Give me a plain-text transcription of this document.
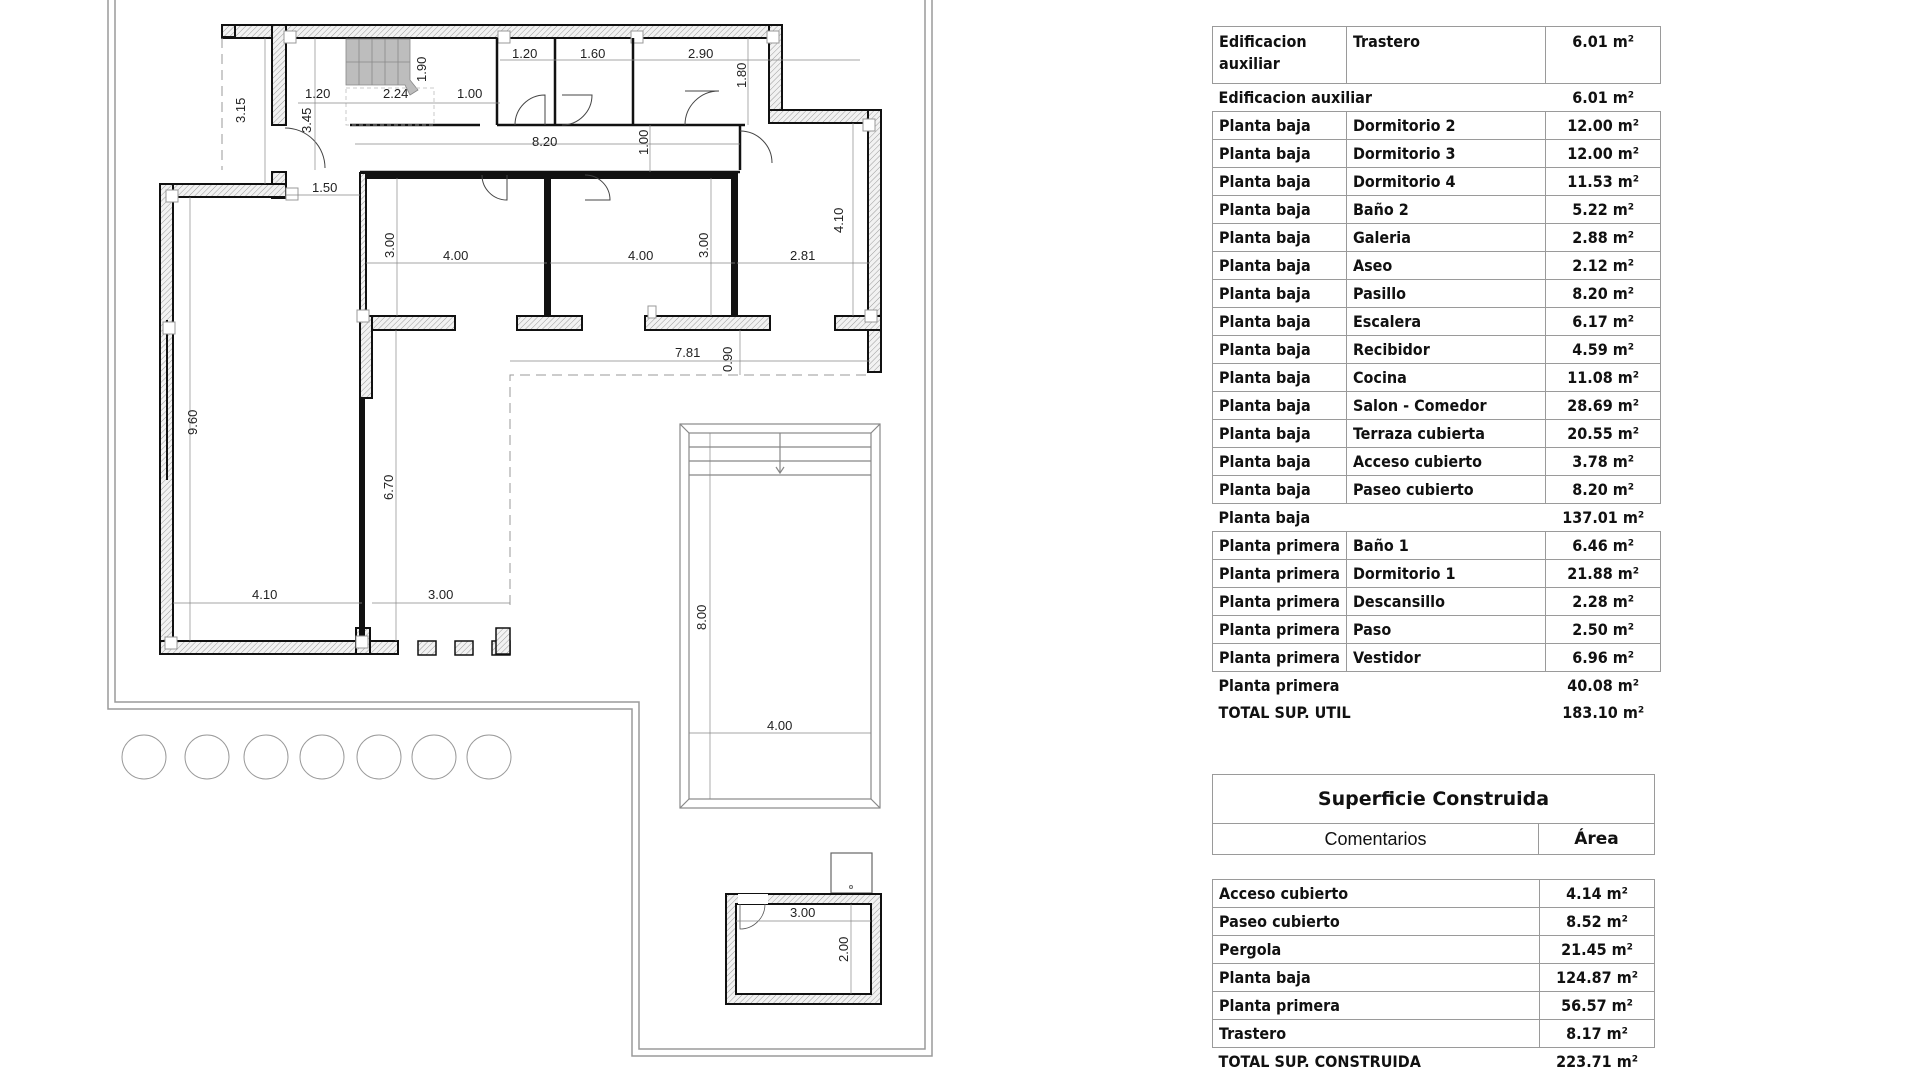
3.15	3.45
1.20	2.24
1.90
1.00
1.20	1.60	2.90
1.80
8.20	1.00
1.50
3.00	4.00	4.00	3.00	2.81
4.10
7.81 0.90
9.60
6.70
4.10	3.00
8.00
4.00
3.00
2.00
Edificacion auxiliar	Trastero	6.01 m²
Edificacion auxiliar		6.01 m²
Planta baja	Dormitorio 2	12.00 m²
Planta baja	Dormitorio 3	12.00 m²
Planta baja	Dormitorio 4	11.53 m²
Planta baja	Baño 2	5.22 m²
Planta baja	Galeria	2.88 m²
Planta baja	Aseo	2.12 m²
Planta baja	Pasillo	8.20 m²
Planta baja	Escalera	6.17 m²
Planta baja	Recibidor	4.59 m²
Planta baja	Cocina	11.08 m²
Planta baja	Salon - Comedor	28.69 m²
Planta baja	Terraza cubierta	20.55 m²
Planta baja	Acceso cubierto	3.78 m²
Planta baja	Paseo cubierto	8.20 m²
Planta baja		137.01 m²
Planta primera	Baño 1	6.46 m²
Planta primera	Dormitorio 1	21.88 m²
Planta primera	Descansillo	2.28 m²
Planta primera	Paso	2.50 m²
Planta primera	Vestidor	6.96 m²
Planta primera		40.08 m²
TOTAL SUP. UTIL		183.10 m²
Superficie Construida
Comentarios	Área
Acceso cubierto	4.14 m²
Paseo cubierto	8.52 m²
Pergola	21.45 m²
Planta baja	124.87 m²
Planta primera	56.57 m²
Trastero	8.17 m²
TOTAL SUP. CONSTRUIDA	223.71 m²
